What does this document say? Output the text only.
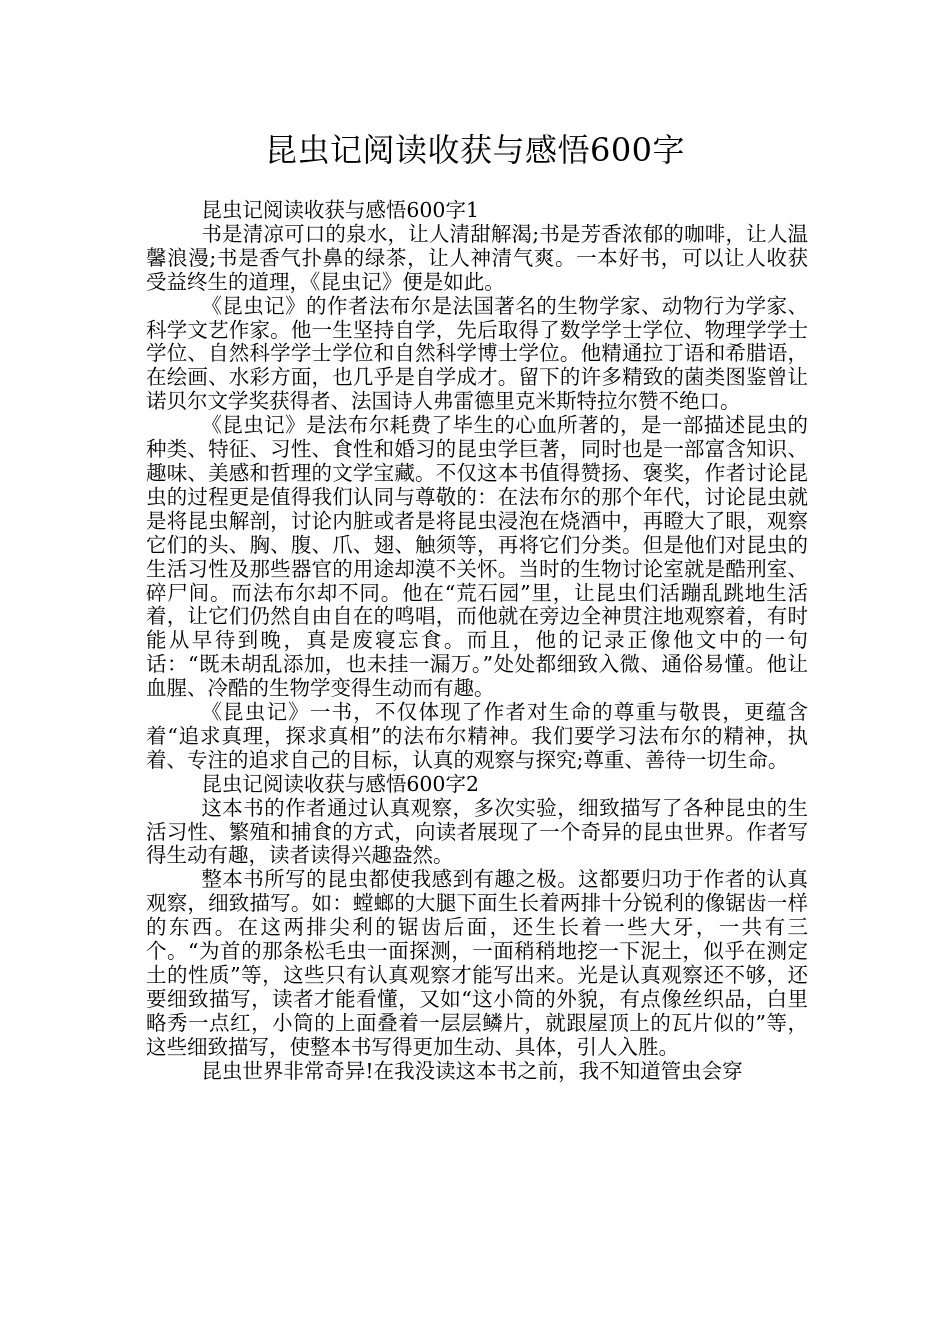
昆虫记阅读收获与感悟600字

昆虫记阅读收获与感悟600字1

书是清凉可口的泉水，让人清甜解渴;书是芳香浓郁的咖啡，让人温馨浪漫;书是香气扑鼻的绿茶，让人神清气爽。一本好书，可以让人收获受益终生的道理，《昆虫记》便是如此。

《昆虫记》的作者法布尔是法国著名的生物学家、动物行为学家、科学文艺作家。他一生坚持自学，先后取得了数学学士学位、物理学学士学位、自然科学学士学位和自然科学博士学位。他精通拉丁语和希腊语，在绘画、水彩方面，也几乎是自学成才。留下的许多精致的菌类图鉴曾让诺贝尔文学奖获得者、法国诗人弗雷德里克米斯特拉尔赞不绝口。

《昆虫记》是法布尔耗费了毕生的心血所著的，是一部描述昆虫的种类、特征、习性、食性和婚习的昆虫学巨著，同时也是一部富含知识、趣味、美感和哲理的文学宝藏。不仅这本书值得赞扬、褒奖，作者讨论昆虫的过程更是值得我们认同与尊敬的：在法布尔的那个年代，讨论昆虫就是将昆虫解剖，讨论内脏或者是将昆虫浸泡在烧酒中，再瞪大了眼，观察它们的头、胸、腹、爪、翅、触须等，再将它们分类。但是他们对昆虫的生活习性及那些器官的用途却漠不关怀。当时的生物讨论室就是酷刑室、碎尸间。而法布尔却不同。他在“荒石园”里，让昆虫们活蹦乱跳地生活着，让它们仍然自由自在的鸣唱，而他就在旁边全神贯注地观察着，有时能从早待到晚，真是废寝忘食。而且，他的记录正像他文中的一句话：“既未胡乱添加，也未挂一漏万。”处处都细致入微、通俗易懂。他让血腥、冷酷的生物学变得生动而有趣。

《昆虫记》一书，不仅体现了作者对生命的尊重与敬畏，更蕴含着“追求真理，探求真相”的法布尔精神。我们要学习法布尔的精神，执着、专注的追求自己的目标，认真的观察与探究;尊重、善待一切生命。

昆虫记阅读收获与感悟600字2

这本书的作者通过认真观察，多次实验，细致描写了各种昆虫的生活习性、繁殖和捕食的方式，向读者展现了一个奇异的昆虫世界。作者写得生动有趣，读者读得兴趣盎然。

整本书所写的昆虫都使我感到有趣之极。这都要归功于作者的认真观察，细致描写。如：螳螂的大腿下面生长着两排十分锐利的像锯齿一样的东西。在这两排尖利的锯齿后面，还生长着一些大牙，一共有三个。“为首的那条松毛虫一面探测，一面稍稍地挖一下泥土，似乎在测定土的性质”等，这些只有认真观察才能写出来。光是认真观察还不够，还要细致描写，读者才能看懂，又如“这小筒的外貌，有点像丝织品，白里略秀一点红，小筒的上面叠着一层层鳞片，就跟屋顶上的瓦片似的”等，这些细致描写，使整本书写得更加生动、具体，引人入胜。

昆虫世界非常奇异!在我没读这本书之前，我不知道管虫会穿
